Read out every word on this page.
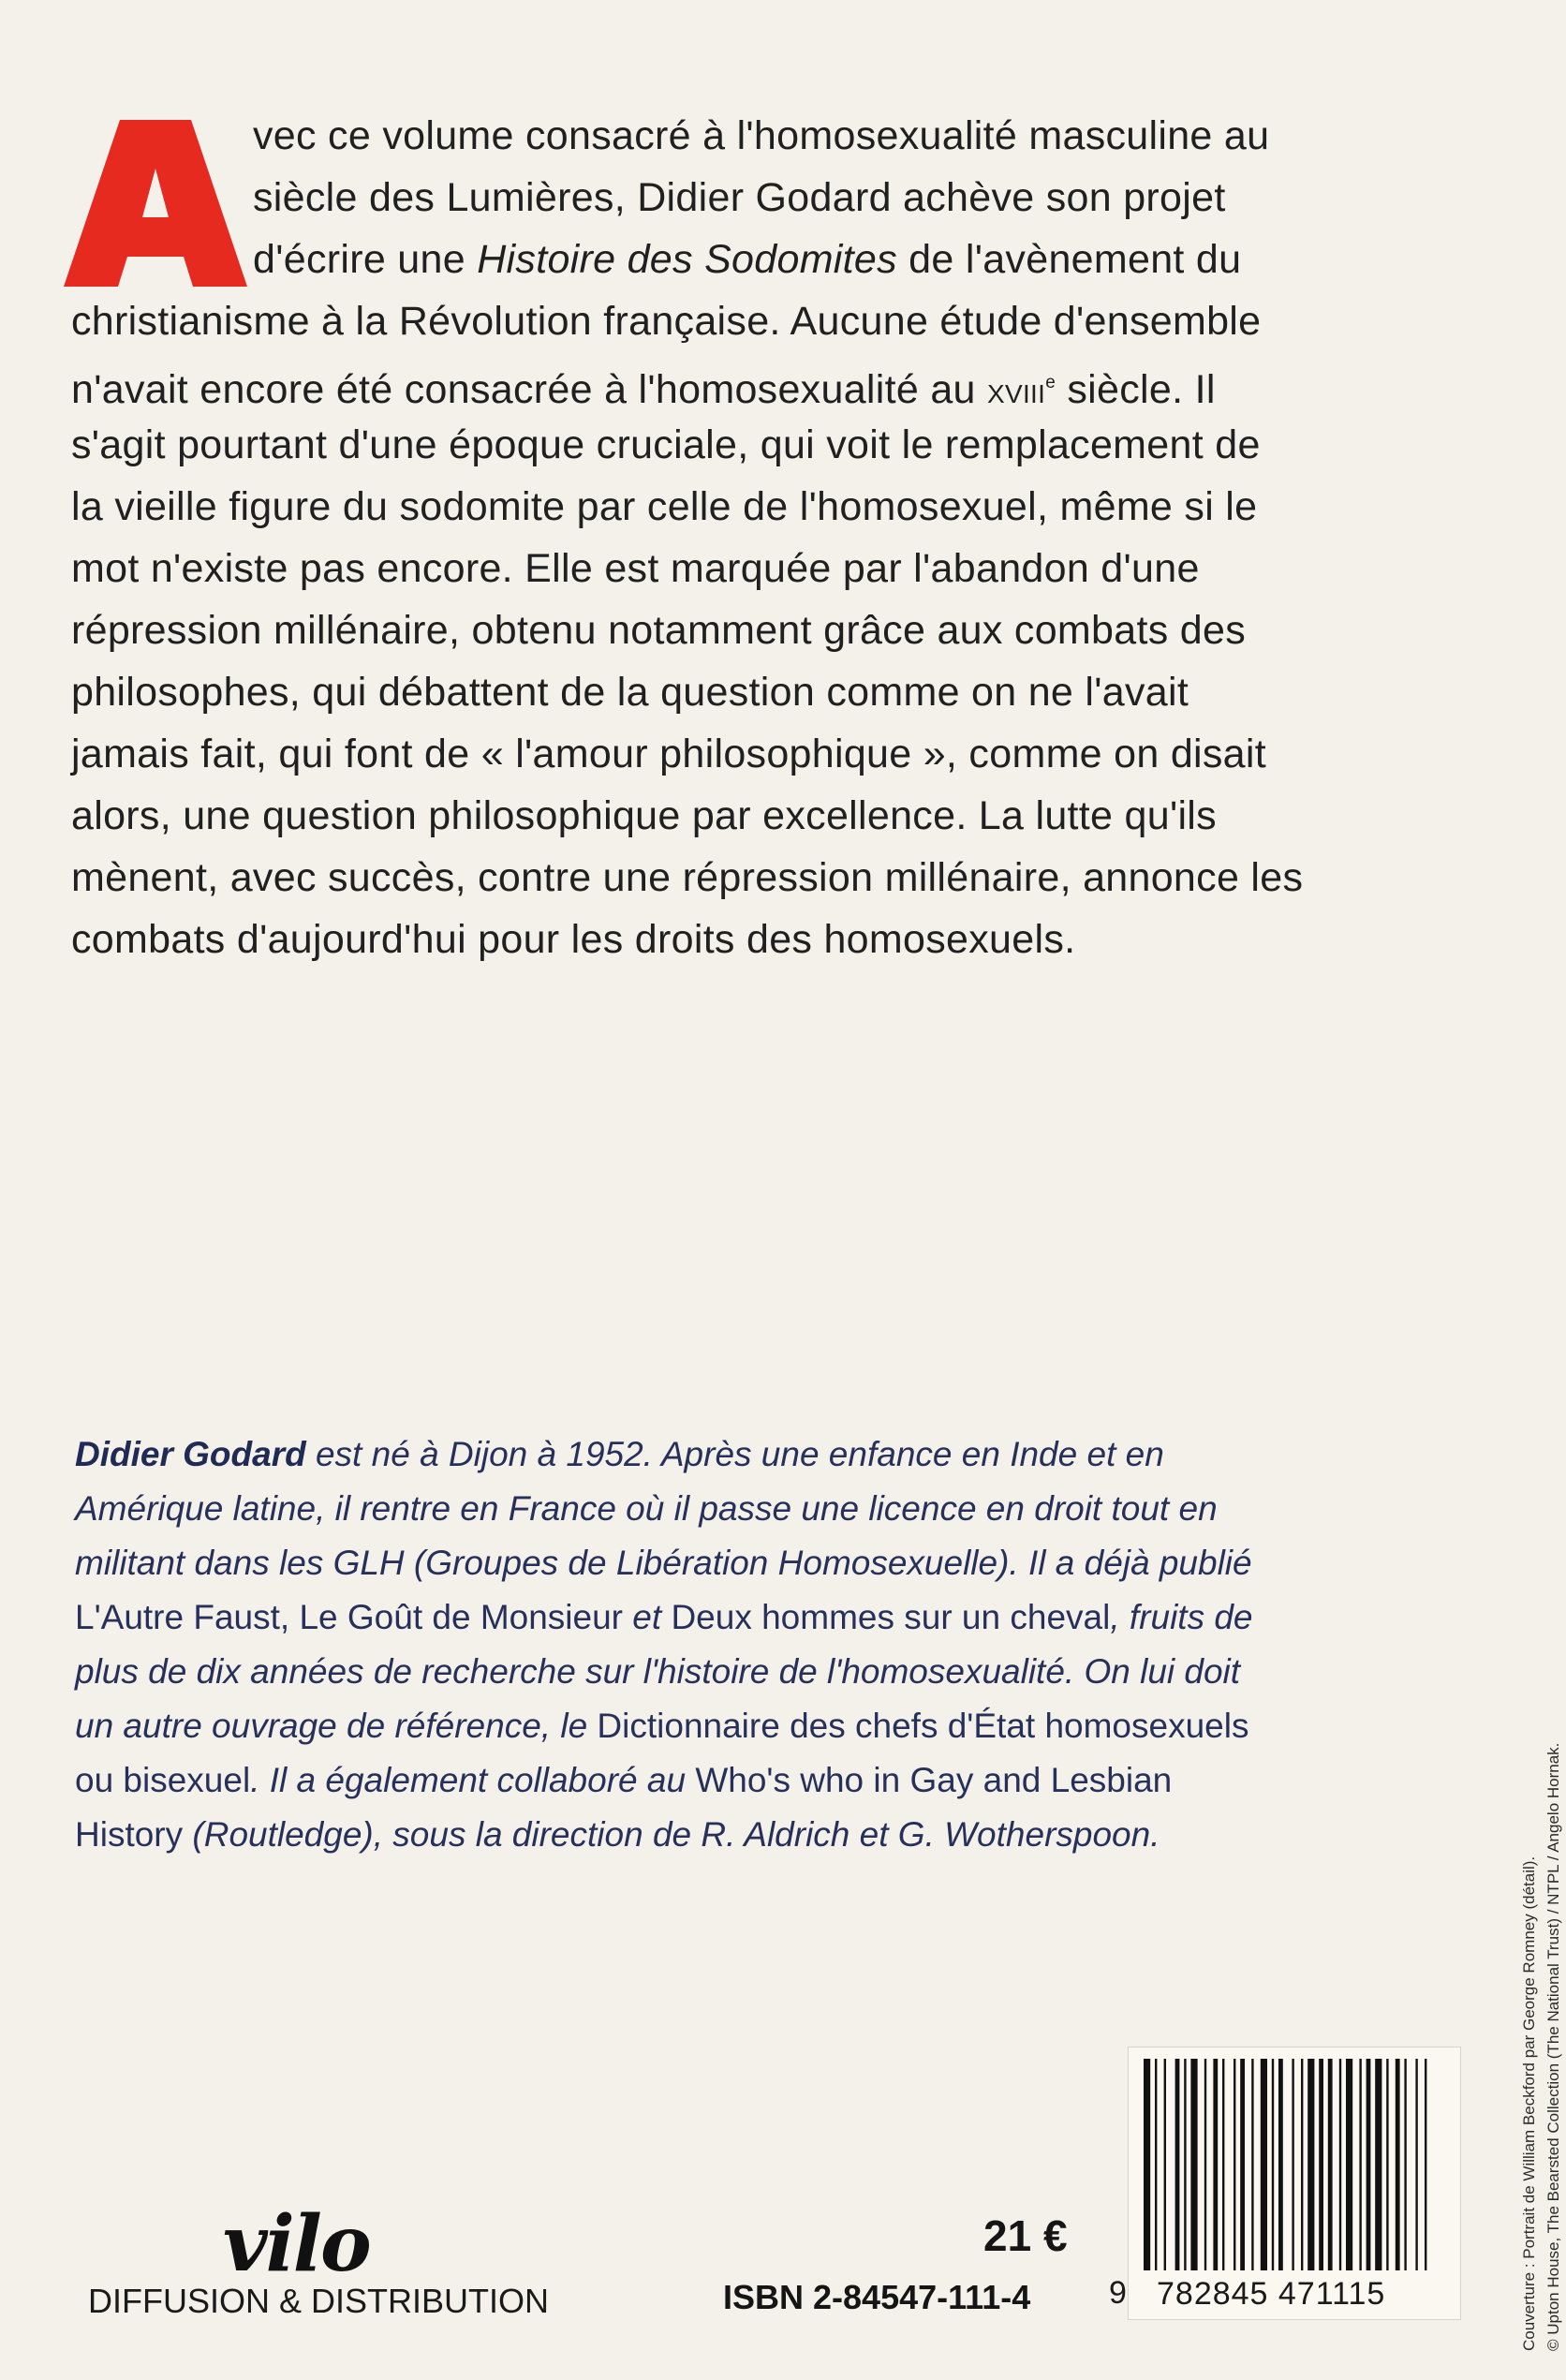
vec ce volume consacré à l'homosexualité masculine au
siècle des Lumières, Didier Godard achève son projet
d'écrire une Histoire des Sodomites de l'avènement du
christianisme à la Révolution française. Aucune étude d'ensemble
n'avait encore été consacrée à l'homosexualité au XVIIIe siècle. Il
s'agit pourtant d'une époque cruciale, qui voit le remplacement de
la vieille figure du sodomite par celle de l'homosexuel, même si le
mot n'existe pas encore. Elle est marquée par l'abandon d'une
répression millénaire, obtenu notamment grâce aux combats des
philosophes, qui débattent de la question comme on ne l'avait
jamais fait, qui font de « l'amour philosophique », comme on disait
alors, une question philosophique par excellence. La lutte qu'ils
mènent, avec succès, contre une répression millénaire, annonce les
combats d'aujourd'hui pour les droits des homosexuels.
Didier Godard est né à Dijon à 1952. Après une enfance en Inde et en
Amérique latine, il rentre en France où il passe une licence en droit tout en
militant dans les GLH (Groupes de Libération Homosexuelle). Il a déjà publié
L'Autre Faust, Le Goût de Monsieur et Deux hommes sur un cheval, fruits de
plus de dix années de recherche sur l'histoire de l'homosexualité. On lui doit
un autre ouvrage de référence, le Dictionnaire des chefs d'État homosexuels
ou bisexuel. Il a également collaboré au Who's who in Gay and Lesbian
History (Routledge), sous la direction de R. Aldrich et G. Wotherspoon.
Couverture : Portrait de William Beckford par George Romney (détail). © Upton House, The Bearsted Collection (The National Trust) / NTPL / Angelo Hornak.
vilo
DIFFUSION & DISTRIBUTION
21 €
ISBN 2-84547-111-4 9 782845 471115
